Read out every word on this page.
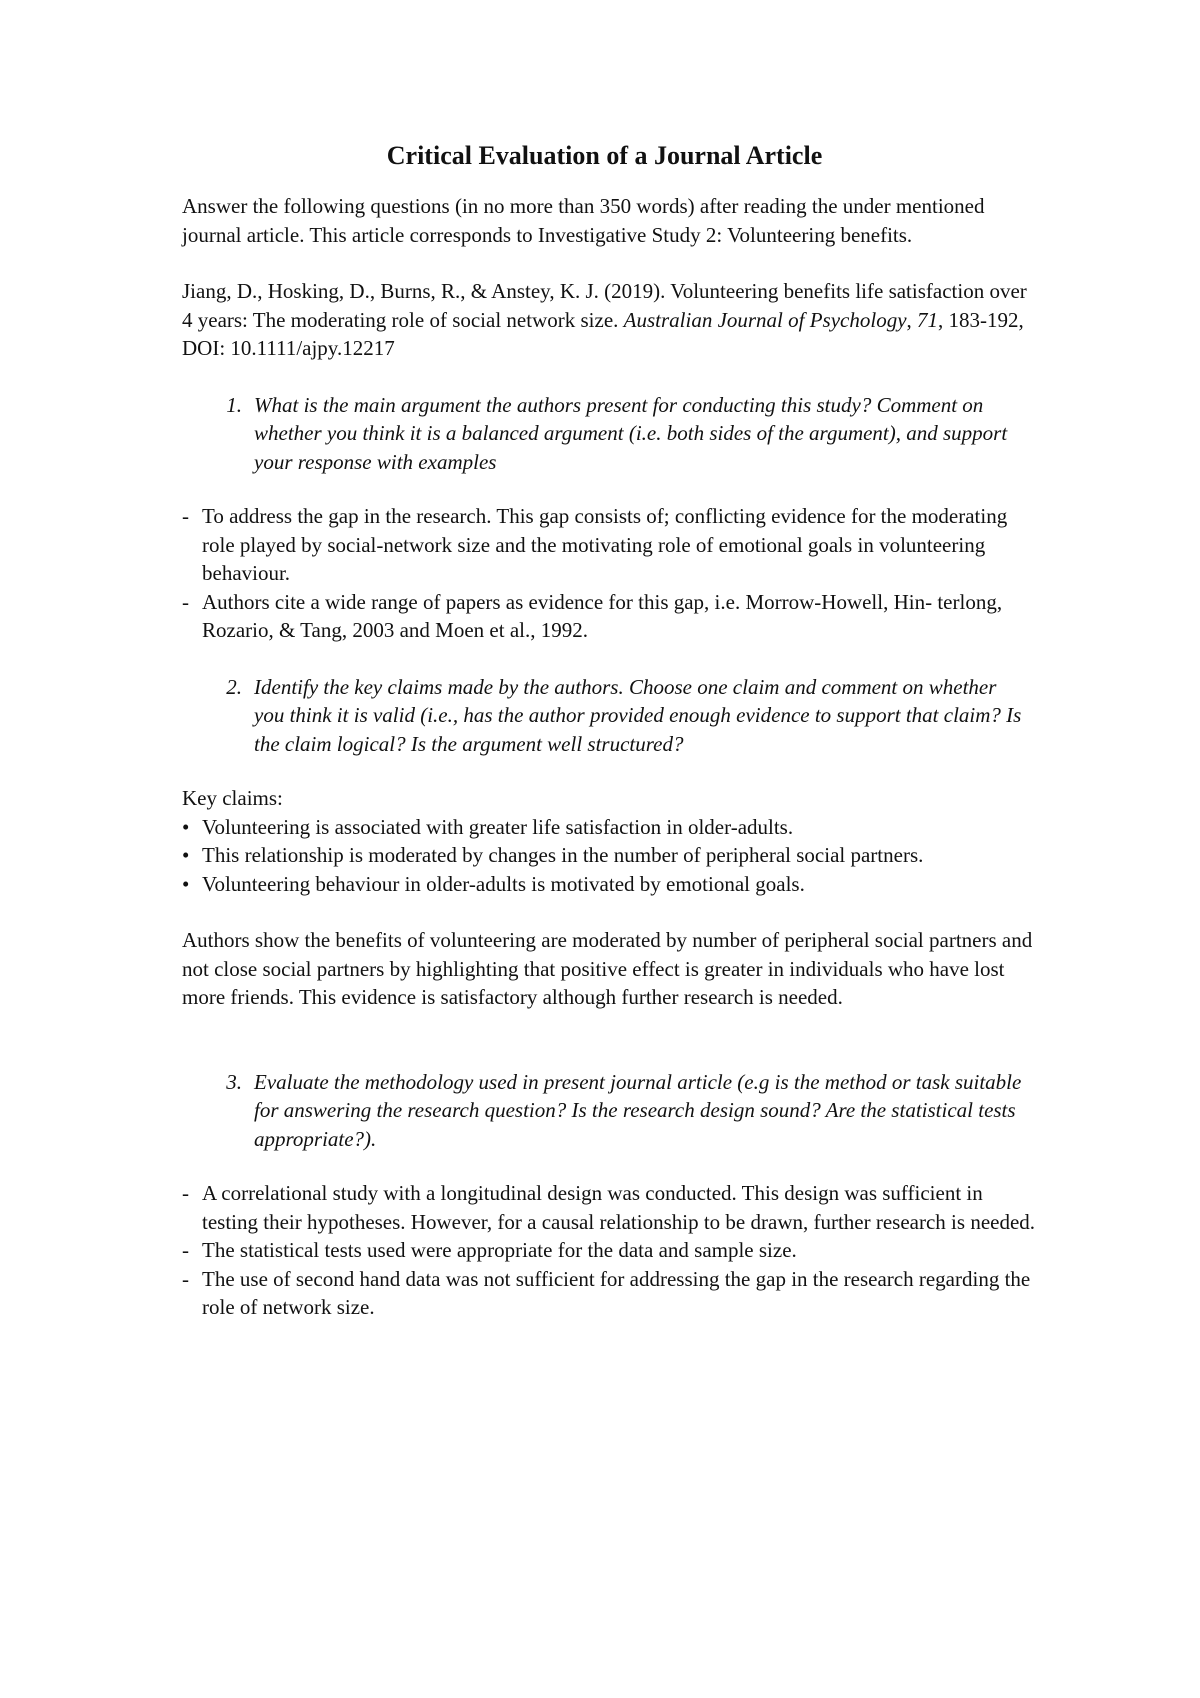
Critical Evaluation of a Journal Article

Answer the following questions (in no more than 350 words) after reading the under mentioned journal article. This article corresponds to Investigative Study 2: Volunteering benefits.

Jiang, D., Hosking, D., Burns, R., & Anstey, K. J. (2019). Volunteering benefits life satisfaction over 4 years: The moderating role of social network size. Australian Journal of Psychology, 71, 183-192, DOI: 10.1111/ajpy.12217

1. What is the main argument the authors present for conducting this study? Comment on whether you think it is a balanced argument (i.e. both sides of the argument), and support your response with examples
- To address the gap in the research. This gap consists of; conflicting evidence for the moderating role played by social-network size and the motivating role of emotional goals in volunteering behaviour.
- Authors cite a wide range of papers as evidence for this gap, i.e. Morrow-Howell, Hin- terlong, Rozario, & Tang, 2003 and Moen et al., 1992.
2. Identify the key claims made by the authors. Choose one claim and comment on whether you think it is valid (i.e., has the author provided enough evidence to support that claim? Is the claim logical? Is the argument well structured?

Key claims:

• Volunteering is associated with greater life satisfaction in older-adults.
• This relationship is moderated by changes in the number of peripheral social partners.
• Volunteering behaviour in older-adults is motivated by emotional goals.

Authors show the benefits of volunteering are moderated by number of peripheral social partners and not close social partners by highlighting that positive effect is greater in individuals who have lost more friends. This evidence is satisfactory although further research is needed.

3. Evaluate the methodology used in present journal article (e.g is the method or task suitable for answering the research question? Is the research design sound? Are the statistical tests appropriate?).
- A correlational study with a longitudinal design was conducted. This design was sufficient in testing their hypotheses. However, for a causal relationship to be drawn, further research is needed.
- The statistical tests used were appropriate for the data and sample size.
- The use of second hand data was not sufficient for addressing the gap in the research regarding the role of network size.
